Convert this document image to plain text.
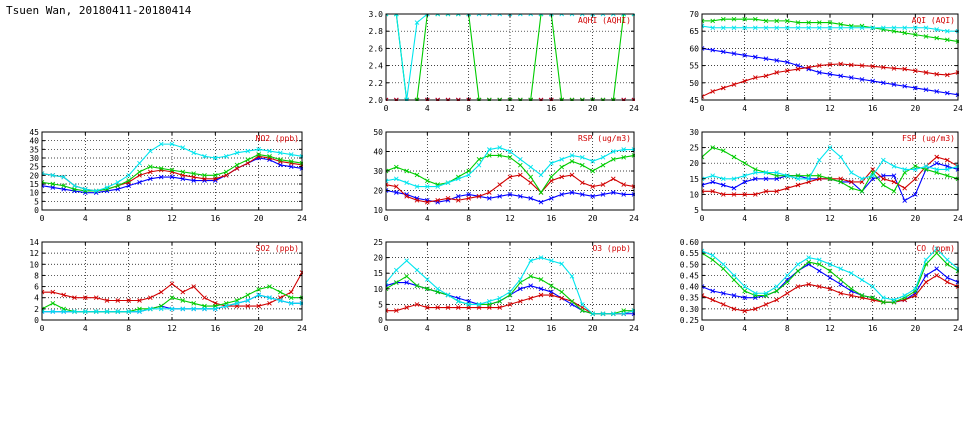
Tsuen Wan, 20180411-20180414
2.0
2.2
2.4
2.6
2.8
3.0
0	4	8	12	16	20	24
AQHI (AQHI)
45
50
55
60
65
70
0	4	8	12	16	20	24
AQI (AQI)
0
5
10
15
20
25
30
35
40
45
0	4	8	12	16	20	24
NO2 (ppb)
10
20
30
40
50
0	4	8	12	16	20	24
RSP (ug/m3)
5
10
15
20
25
30
0	4	8	12	16	20	24
FSP (ug/m3)
0
2
4
6
8
10
12
14
0	4	8	12	16	20	24
SO2 (ppb)
0
5
10
15
20
25
0	4	8	12	16	20	24
O3 (ppb)
0.25
0.30
0.35
0.40
0.45
0.50
0.55
0.60
0	4	8	12	16	20	24
CO (ppm)
